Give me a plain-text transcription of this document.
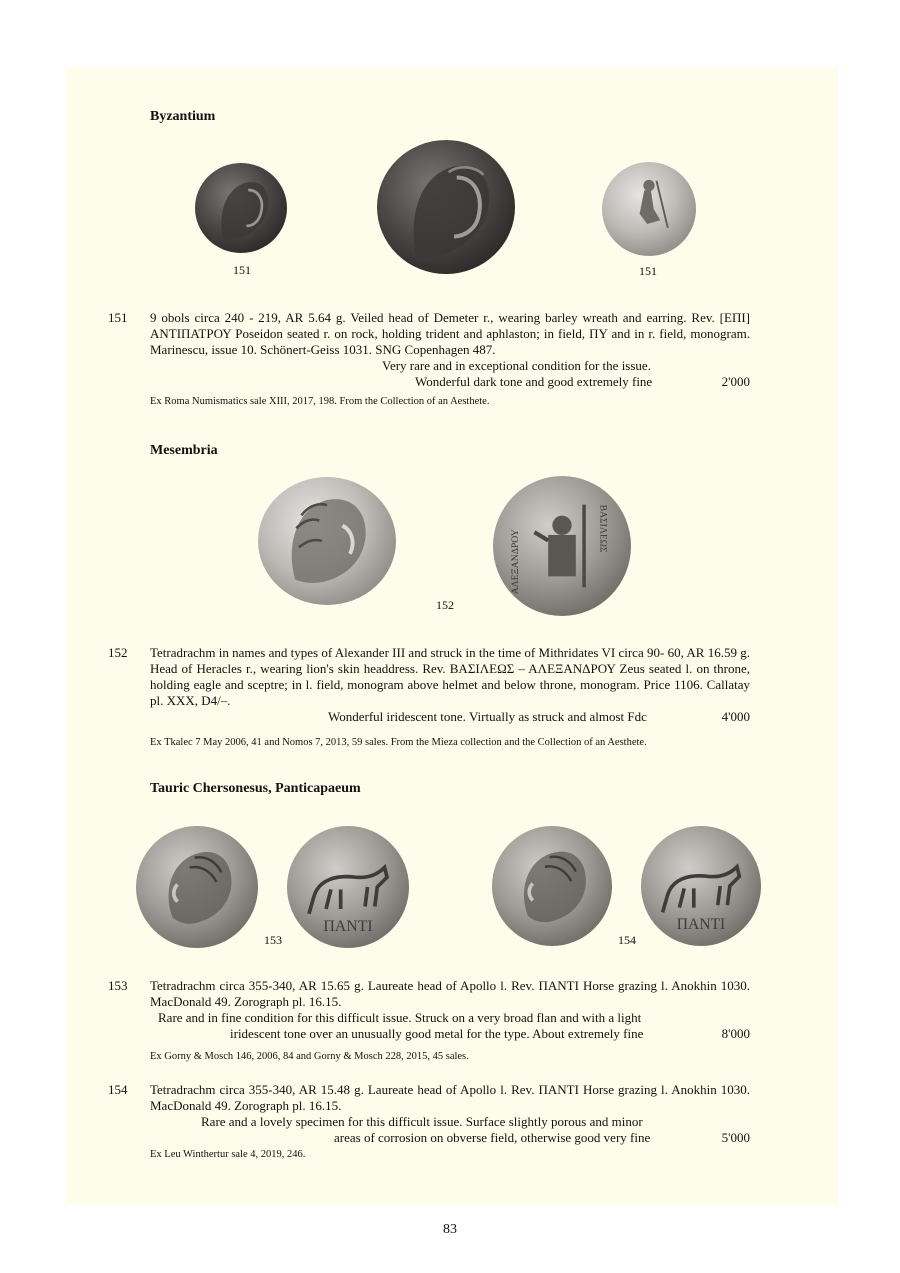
Byzantium
151	151
151 9 obols circa 240 - 219, AR 5.64 g. Veiled head of Demeter r., wearing barley wreath and earring. Rev. [ΕΠΙ] ΑΝΤΙΠΑΤΡΟΥ Poseidon seated r. on rock, holding trident and aphlaston; in field, ΠΥ and in r. field, monogram. Marinescu, issue 10. Schönert-Geiss 1031. SNG Copenhagen 487.
Very rare and in exceptional condition for the issue.
Wonderful dark tone and good extremely fine	2'000
Ex Roma Numismatics sale XIII, 2017, 198. From the Collection of an Aesthete.
Mesembria
ΒΑΣΙΛΕΩΣ
ΑΛΕΞΑΝΔΡΟΥ
152
152 Tetradrachm in names and types of Alexander III and struck in the time of Mithridates VI circa 90- 60, AR 16.59 g. Head of Heracles r., wearing lion's skin headdress. Rev. ΒΑΣΙΛΕΩΣ – ΑΛΕΞΑΝΔΡΟΥ Zeus seated l. on throne, holding eagle and sceptre; in l. field, monogram above helmet and below throne, monogram. Price 1106. Callatay pl. XXX, D4/–.
Wonderful iridescent tone. Virtually as struck and almost Fdc	4'000
Ex Tkalec 7 May 2006, 41 and Nomos 7, 2013, 59 sales. From the Mieza collection and the Collection of an Aesthete.
Tauric Chersonesus, Panticapaeum
ΠΑΝΤΙ
153
ΠΑΝΤΙ
154
153 Tetradrachm circa 355-340, AR 15.65 g. Laureate head of Apollo l. Rev. ΠΑΝΤΙ Horse grazing l. Anokhin 1030. MacDonald 49. Zorograph pl. 16.15.
Rare and in fine condition for this difficult issue. Struck on a very broad flan and with a light
iridescent tone over an unusually good metal for the type. About extremely fine	8'000
Ex Gorny & Mosch 146, 2006, 84 and Gorny & Mosch 228, 2015, 45 sales.
154 Tetradrachm circa 355-340, AR 15.48 g. Laureate head of Apollo l. Rev. ΠΑΝΤΙ Horse grazing l. Anokhin 1030. MacDonald 49. Zorograph pl. 16.15.
Rare and a lovely specimen for this difficult issue. Surface slightly porous and minor
areas of corrosion on obverse field, otherwise good very fine	5'000
Ex Leu Winthertur sale 4, 2019, 246.
83
